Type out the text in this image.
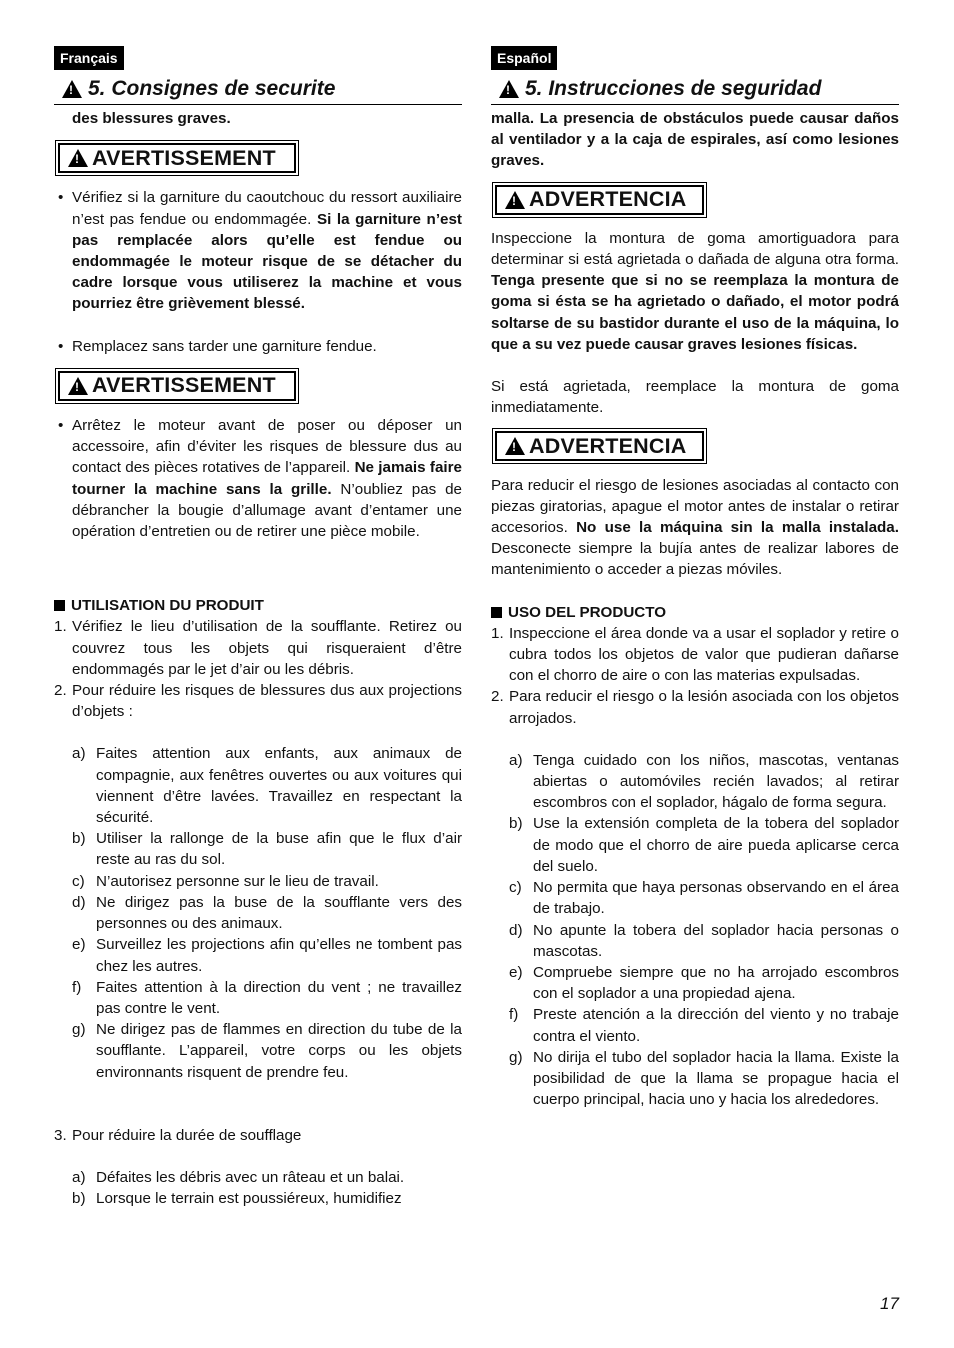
Français
!
5. Consignes de securite

des blessures graves.

!
AVERTISSEMENT
• Vérifiez si la garniture du caoutchouc du ressort auxiliaire n’est pas fendue ou endommagée. Si la garniture n’est pas remplacée alors qu’elle est fendue ou endommagée le moteur risque de se détacher du cadre lorsque vous utiliserez la machine et vous pourriez être grièvement blessé.
• Remplacez sans tarder une garniture fendue.
!
AVERTISSEMENT
• Arrêtez le moteur avant de poser ou déposer un accessoire, afin d’éviter les risques de blessure dus au contact des pièces rotatives de l’appareil. Ne jamais faire tourner la machine sans la grille. N’oubliez pas de débrancher la bougie d’allumage avant d’entamer une opération d’entretien ou de retirer une pièce mobile.
UTILISATION DU PRODUIT
1. Vérifiez le lieu d’utilisation de la soufflante. Retirez ou couvrez tous les objets qui risqueraient d’être endommagés par le jet d’air ou les débris.
2. Pour réduire les risques de blessures dus aux projections d’objets :
a) Faites attention aux enfants, aux animaux de compagnie, aux fenêtres ouvertes ou aux voitures qui viennent d’être lavées. Travaillez en respectant la sécurité.
b) Utiliser la rallonge de la buse afin que le flux d’air reste au ras du sol.
c) N’autorisez personne sur le lieu de travail.
d) Ne dirigez pas la buse de la soufflante vers des personnes ou des animaux.
e) Surveillez les projections afin qu’elles ne tombent pas chez les autres.
f) Faites attention à la direction du vent ; ne travaillez pas contre le vent.
g) Ne dirigez pas de flammes en direction du tube de la soufflante. L’appareil, votre corps ou les objets environnants risquent de prendre feu.
3. Pour réduire la durée de soufflage
a) Défaites les débris avec un râteau et un balai.
b) Lorsque le terrain est poussiéreux, humidifiez
Español
!
5. Instrucciones de seguridad

malla. La presencia de obstáculos puede causar daños al ventilador y a la caja de espirales, así como lesiones graves.

!
ADVERTENCIA

Inspeccione la montura de goma amortiguadora para determinar si está agrietada o dañada de alguna otra forma. Tenga presente que si no se reemplaza la montura de goma si ésta se ha agrietado o dañado, el motor podrá soltarse de su bastidor durante el uso de la máquina, lo que a su vez puede causar graves lesiones físicas.

Si está agrietada, reemplace la montura de goma inmediatamente.

!
ADVERTENCIA

Para reducir el riesgo de lesiones asociadas al contacto con piezas giratorias, apague el motor antes de instalar o retirar accesorios. No use la máquina sin la malla instalada. Desconecte siempre la bujía antes de realizar labores de mantenimiento o acceder a piezas móviles.

USO DEL PRODUCTO
1. Inspeccione el área donde va a usar el soplador y retire o cubra todos los objetos de valor que pudieran dañarse con el chorro de aire o con las materias expulsadas.
2. Para reducir el riesgo o la lesión asociada con los objetos arrojados.
a) Tenga cuidado con los niños, mascotas, ventanas abiertas o automóviles recién lavados; al retirar escombros con el soplador, hágalo de forma segura.
b) Use la extensión completa de la tobera del soplador de modo que el chorro de aire pueda aplicarse cerca del suelo.
c) No permita que haya personas observando en el área de trabajo.
d) No apunte la tobera del soplador hacia personas o mascotas.
e) Compruebe siempre que no ha arrojado escombros con el soplador a una propiedad ajena.
f) Preste atención a la dirección del viento y no trabaje contra el viento.
g) No dirija el tubo del soplador hacia la llama. Existe la posibilidad de que la llama se propague hacia el cuerpo principal, hacia uno y hacia los alrededores.
17
